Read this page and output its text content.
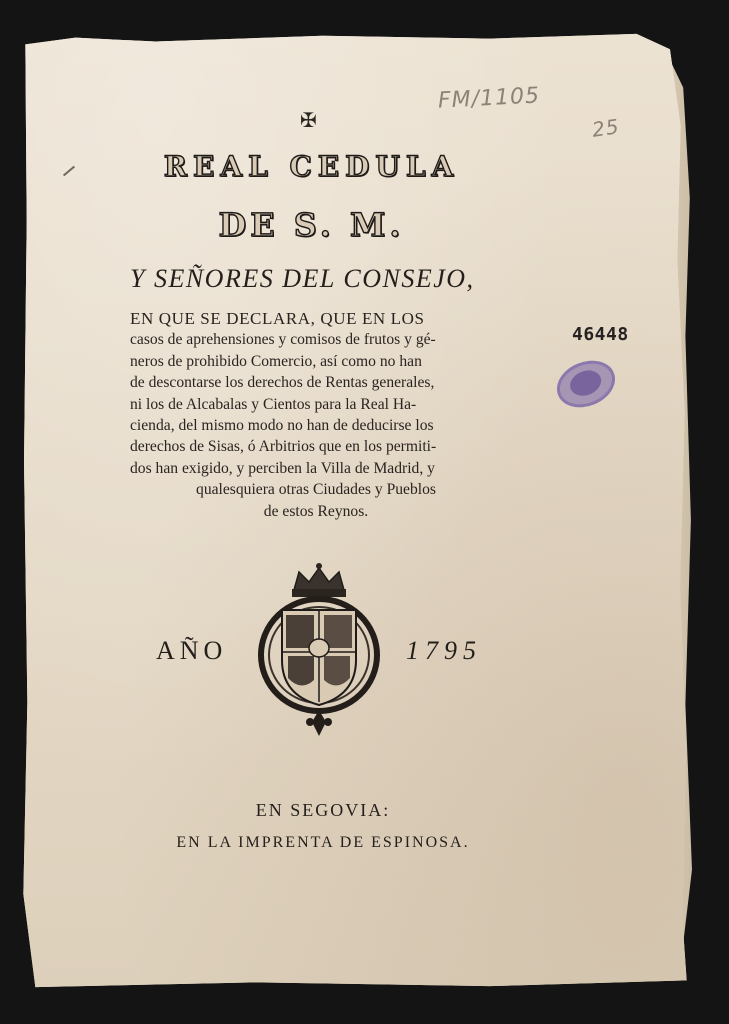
✠
FM/1105
25
REAL CEDULA
DE S. M.
Y SEÑORES DEL CONSEJO,
EN QUE SE DECLARA, QUE EN LOS
casos de aprehensiones y comisos de frutos y gé-
neros de prohibido Comercio, así como no han
de descontarse los derechos de Rentas generales,
ni los de Alcabalas y Cientos para la Real Ha-
cienda, del mismo modo no han de deducirse los
derechos de Sisas, ó Arbitrios que en los permiti-
dos han exigido, y perciben la Villa de Madrid, y
qualesquiera otras Ciudades y Pueblos
de estos Reynos.
46448
AÑO	1795
EN SEGOVIA:
EN LA IMPRENTA DE ESPINOSA.
